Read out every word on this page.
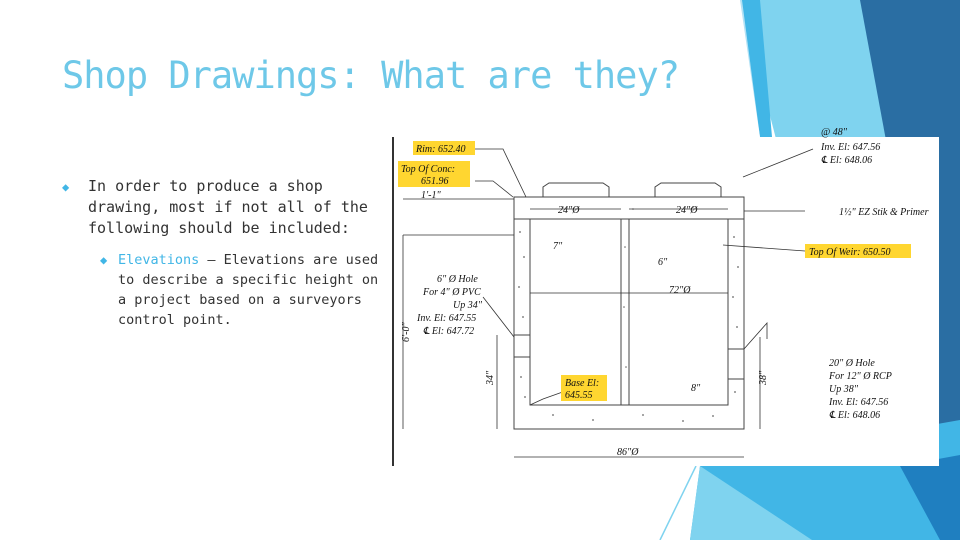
Shop Drawings: What are they?
◆ In order to produce a shop drawing, most if not all of the following should be included:
◆ Elevations – Elevations are used to describe a specific height on a project based on a surveyors control point.
Rim: 652.40
Top Of Conc:
651.96
1'-1"
24"Ø	24"Ø
7"
6"
72"Ø
8"
86"Ø
6'-0"
34"	38"
6" Ø Hole
For 4" Ø PVC
Up 34"
Inv. El: 647.55
℄ El: 647.72
Base El:
645.55
@ 48"
Inv. El: 647.56
℄ El: 648.06
1½" EZ Stik & Primer
Top Of Weir: 650.50
20" Ø Hole
For 12" Ø RCP
Up 38"
Inv. El: 647.56
℄ El: 648.06
